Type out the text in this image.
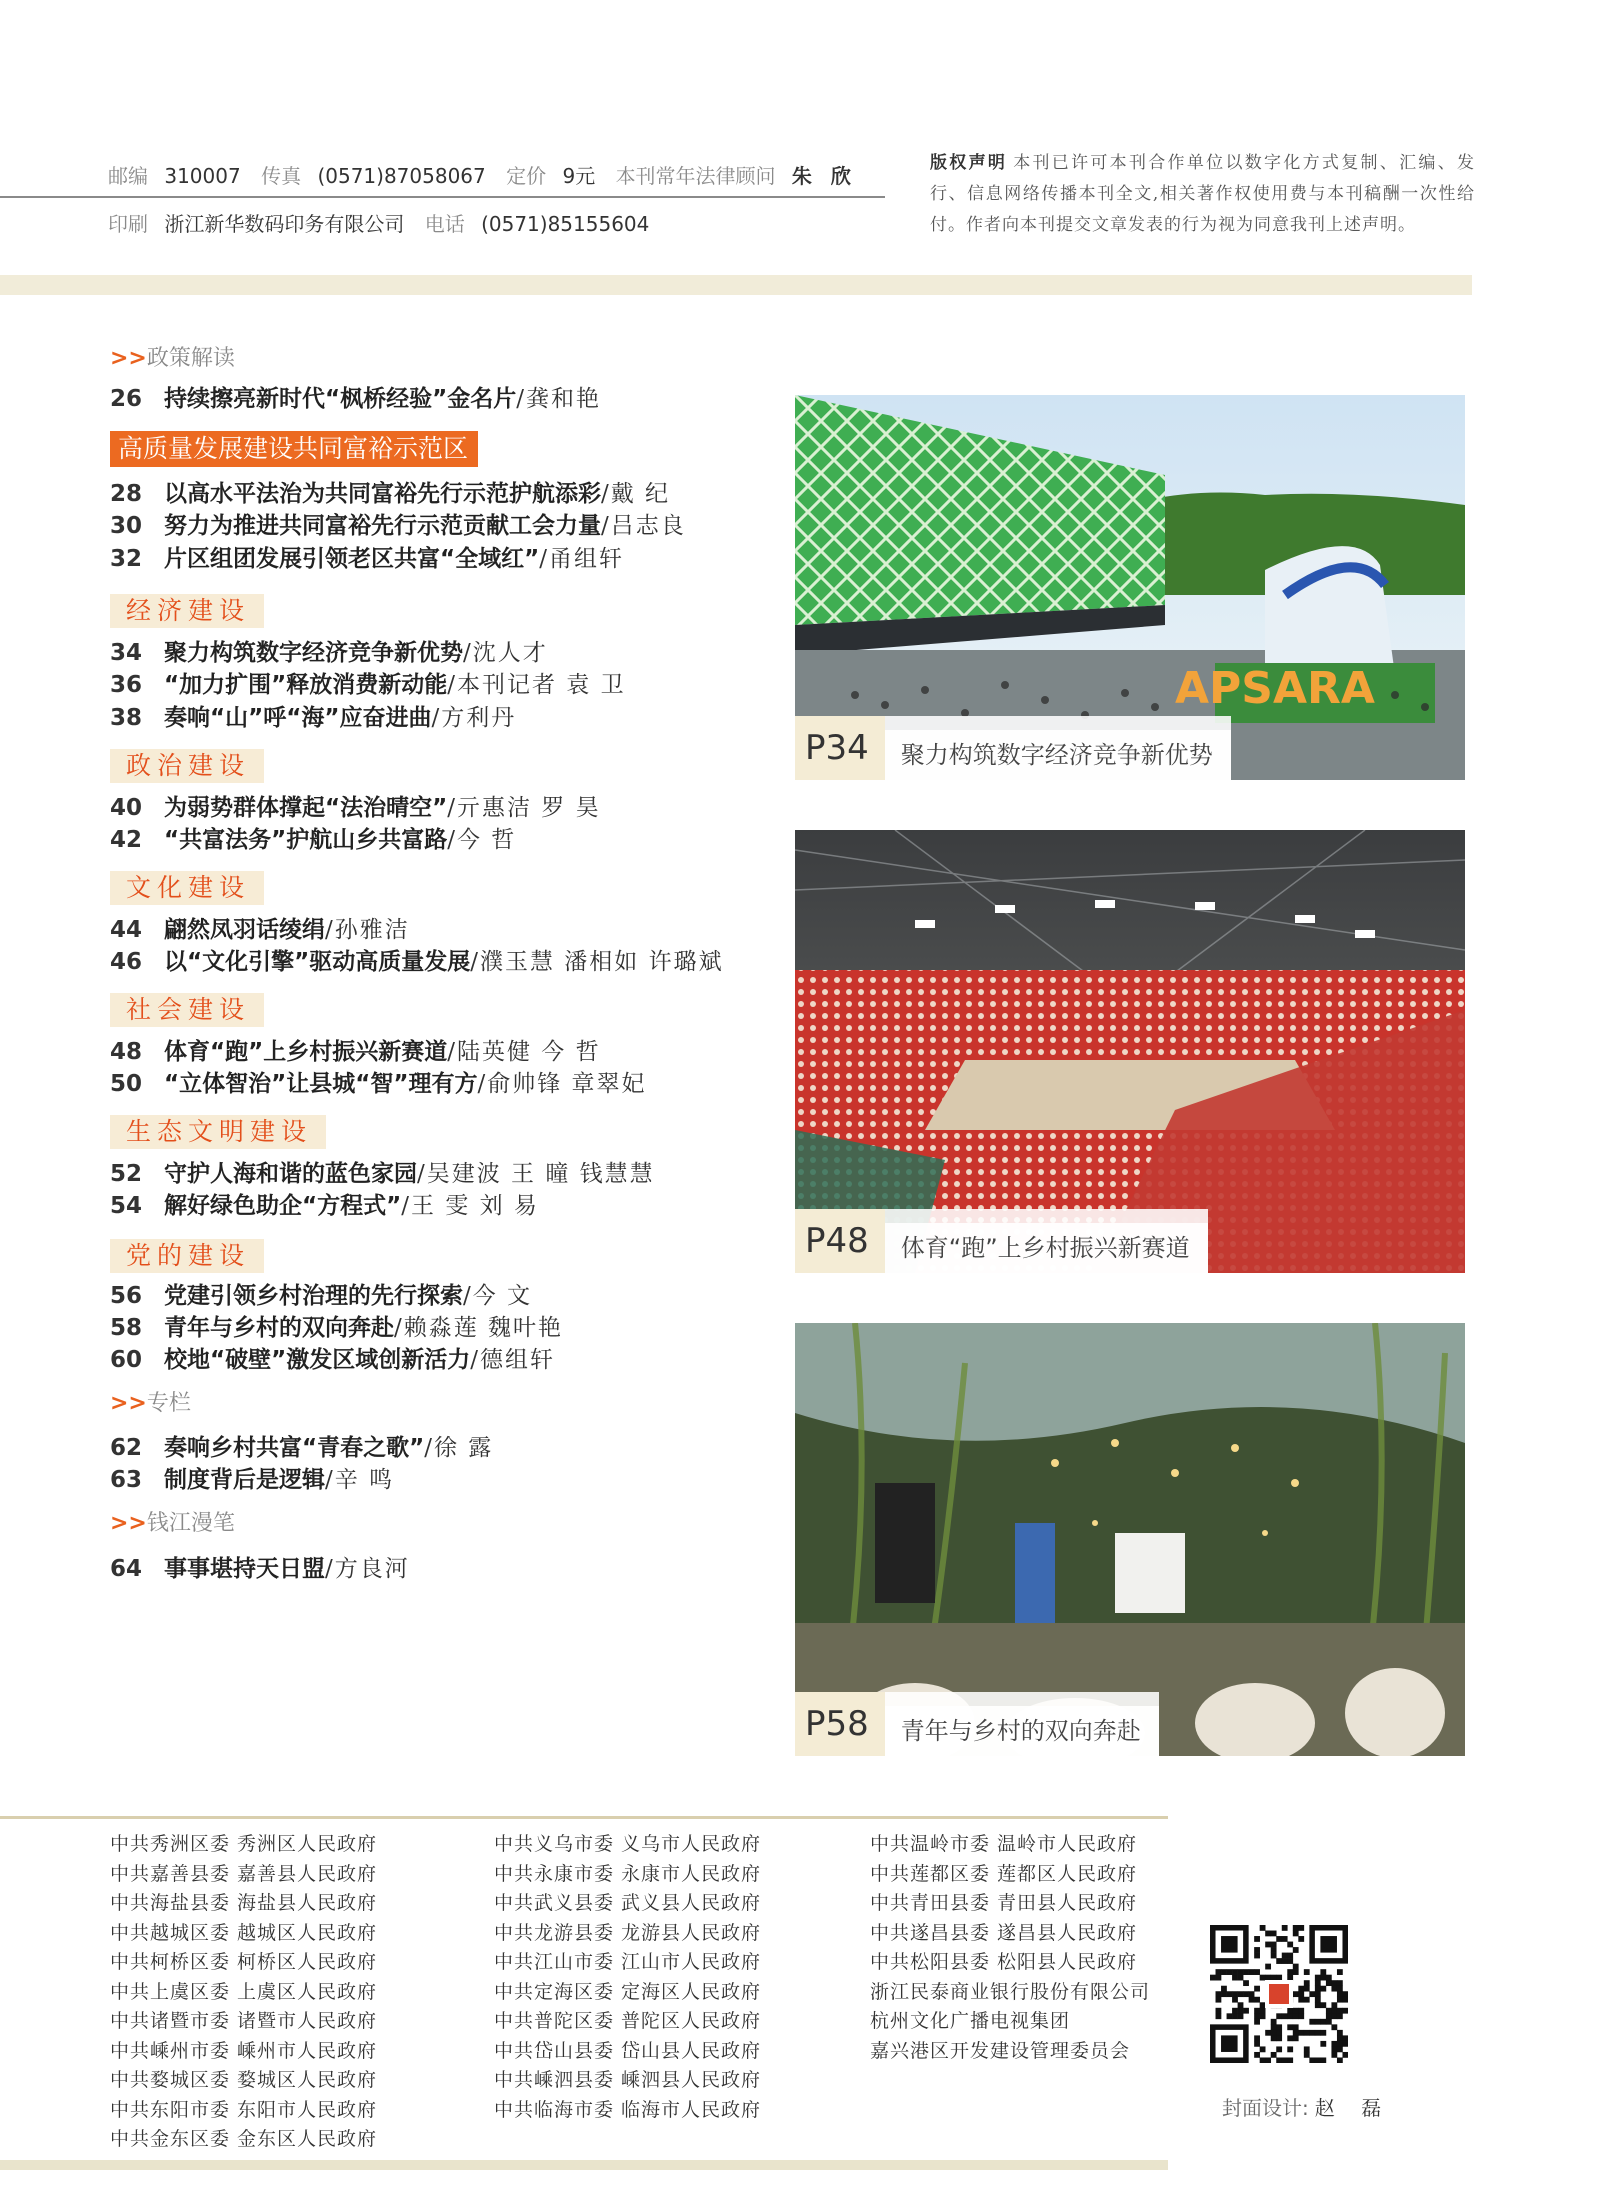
邮编 310007 传真 (0571)87058067 定价 9元 本刊常年法律顾问 朱 欣
印刷 浙江新华数码印务有限公司 电话 (0571)85155604
版权声明 本刊已许可本刊合作单位以数字化方式复制、汇编、发行、信息网络传播本刊全文,相关著作权使用费与本刊稿酬一次性给付。作者向本刊提交文章发表的行为视为同意我刊上述声明。
>>政策解读
26 持续擦亮新时代“枫桥经验”金名片/龚和艳
高质量发展建设共同富裕示范区
28 以高水平法治为共同富裕先行示范护航添彩/戴 纪
30 努力为推进共同富裕先行示范贡献工会力量/吕志良
32 片区组团发展引领老区共富“全域红”/甬组轩
经济建设
34 聚力构筑数字经济竞争新优势/沈人才
36 “加力扩围”释放消费新动能/本刊记者 袁 卫
38 奏响“山”呼“海”应奋进曲/方利丹
政治建设
40 为弱势群体撑起“法治晴空”/亓惠洁 罗 昊
42 “共富法务”护航山乡共富路/今 哲
文化建设
44 翩然凤羽话绫绢/孙雅洁
46 以“文化引擎”驱动高质量发展/濮玉慧 潘相如 许璐斌
社会建设
48 体育“跑”上乡村振兴新赛道/陆英健 今 哲
50 “立体智治”让县城“智”理有方/俞帅锋 章翠妃
生态文明建设
52 守护人海和谐的蓝色家园/吴建波 王 曈 钱慧慧
54 解好绿色助企“方程式”/王 雯 刘 易
党的建设
56 党建引领乡村治理的先行探索/今 文
58 青年与乡村的双向奔赴/赖淼莲 魏叶艳
60 校地“破壁”激发区域创新活力/德组轩
>>专栏
62 奏响乡村共富“青春之歌”/徐 露
63 制度背后是逻辑/辛 鸣
>>钱江漫笔
64 事事堪持天日盟/方良河
APSARA
P34	聚力构筑数字经济竞争新优势
P48	体育“跑”上乡村振兴新赛道
P58	青年与乡村的双向奔赴
中共秀洲区委 秀洲区人民政府
中共嘉善县委 嘉善县人民政府
中共海盐县委 海盐县人民政府
中共越城区委 越城区人民政府
中共柯桥区委 柯桥区人民政府
中共上虞区委 上虞区人民政府
中共诸暨市委 诸暨市人民政府
中共嵊州市委 嵊州市人民政府
中共婺城区委 婺城区人民政府
中共东阳市委 东阳市人民政府
中共金东区委 金东区人民政府
中共义乌市委 义乌市人民政府
中共永康市委 永康市人民政府
中共武义县委 武义县人民政府
中共龙游县委 龙游县人民政府
中共江山市委 江山市人民政府
中共定海区委 定海区人民政府
中共普陀区委 普陀区人民政府
中共岱山县委 岱山县人民政府
中共嵊泗县委 嵊泗县人民政府
中共临海市委 临海市人民政府
中共温岭市委 温岭市人民政府
中共莲都区委 莲都区人民政府
中共青田县委 青田县人民政府
中共遂昌县委 遂昌县人民政府
中共松阳县委 松阳县人民政府
浙江民泰商业银行股份有限公司
杭州文化广播电视集团
嘉兴港区开发建设管理委员会
封面设计: 赵 磊
